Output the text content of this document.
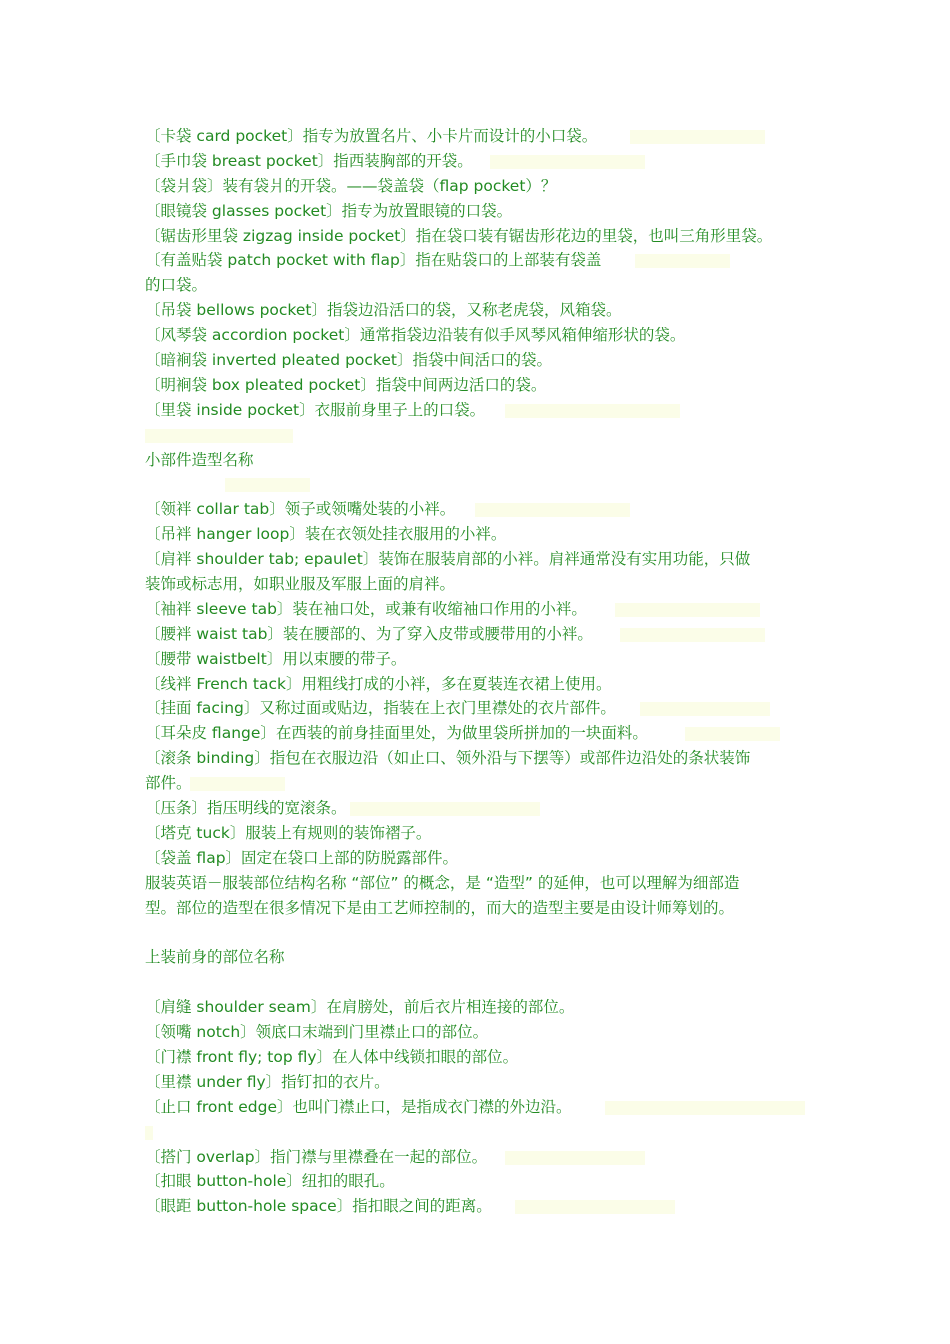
〔卡袋 card pocket〕指专为放置名片、小卡片而设计的小口袋。
〔手巾袋 breast pocket〕指西装胸部的开袋。
〔袋爿袋〕装有袋爿的开袋。——袋盖袋（flap pocket）？
〔眼镜袋 glasses pocket〕指专为放置眼镜的口袋。
〔锯齿形里袋 zigzag inside pocket〕指在袋口装有锯齿形花边的里袋，也叫三角形里袋。
〔有盖贴袋 patch pocket with flap〕指在贴袋口的上部装有袋盖
的口袋。
〔吊袋 bellows pocket〕指袋边沿活口的袋，又称老虎袋，风箱袋。
〔风琴袋 accordion pocket〕通常指袋边沿装有似手风琴风箱伸缩形状的袋。
〔暗裥袋 inverted pleated pocket〕指袋中间活口的袋。
〔明裥袋 box pleated pocket〕指袋中间两边活口的袋。
〔里袋 inside pocket〕衣服前身里子上的口袋。
小部件造型名称
〔领袢 collar tab〕领子或领嘴处装的小袢。
〔吊袢 hanger loop〕装在衣领处挂衣服用的小袢。
〔肩袢 shoulder tab; epaulet〕装饰在服装肩部的小袢。肩袢通常没有实用功能，只做
装饰或标志用，如职业服及军服上面的肩袢。
〔袖袢 sleeve tab〕装在袖口处，或兼有收缩袖口作用的小袢。
〔腰袢 waist tab〕装在腰部的、为了穿入皮带或腰带用的小袢。
〔腰带 waistbelt〕用以束腰的带子。
〔线袢 French tack〕用粗线打成的小袢，多在夏装连衣裙上使用。
〔挂面 facing〕又称过面或贴边，指装在上衣门里襟处的衣片部件。
〔耳朵皮 flange〕在西装的前身挂面里处，为做里袋所拼加的一块面料。
〔滚条 binding〕指包在衣服边沿（如止口、领外沿与下摆等）或部件边沿处的条状装饰
部件。
〔压条〕指压明线的宽滚条。
〔塔克 tuck〕服装上有规则的装饰褶子。
〔袋盖 flap〕固定在袋口上部的防脱露部件。
服装英语－服装部位结构名称 “部位” 的概念，是 “造型” 的延伸，也可以理解为细部造
型。部位的造型在很多情况下是由工艺师控制的，而大的造型主要是由设计师筹划的。
上装前身的部位名称
〔肩缝 shoulder seam〕在肩膀处，前后衣片相连接的部位。
〔领嘴 notch〕领底口末端到门里襟止口的部位。
〔门襟 front fly; top fly〕在人体中线锁扣眼的部位。
〔里襟 under fly〕指钉扣的衣片。
〔止口 front edge〕也叫门襟止口，是指成衣门襟的外边沿。
〔搭门 overlap〕指门襟与里襟叠在一起的部位。
〔扣眼 button-hole〕纽扣的眼孔。
〔眼距 button-hole space〕指扣眼之间的距离。
